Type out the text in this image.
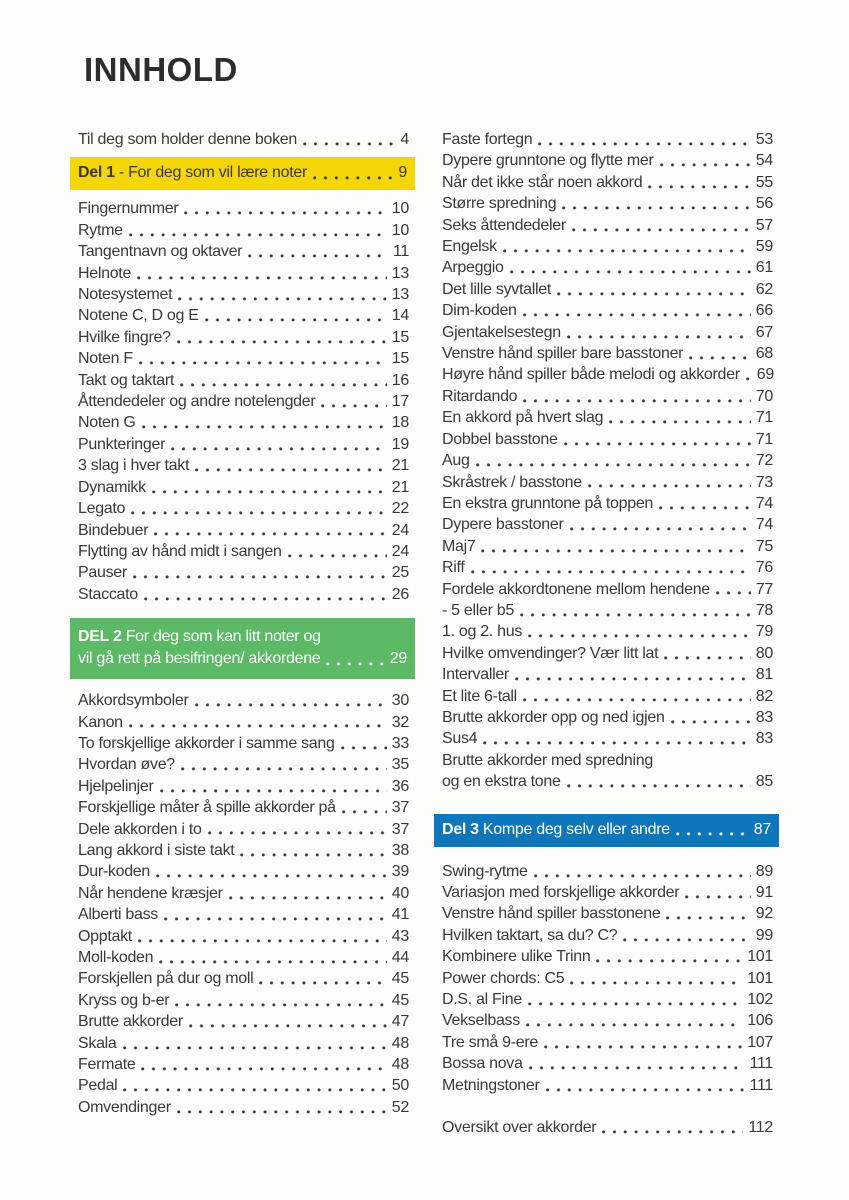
INNHOLD
Til deg som holder denne boken	4
Del 1 - For deg som vil lære noter	9
Fingernummer	10
Rytme	10
Tangentnavn og oktaver	11
Helnote	13
Notesystemet	13
Notene C, D og E	14
Hvilke fingre?	15
Noten F	15
Takt og taktart	16
Åttendedeler og andre notelengder	17
Noten G	18
Punkteringer	19
3 slag i hver takt	21
Dynamikk	21
Legato	22
Bindebuer	24
Flytting av hånd midt i sangen	24
Pauser	25
Staccato	26
DEL 2 For deg som kan litt noter og
vil gå rett på besifringen/ akkordene	29
Akkordsymboler	30
Kanon	32
To forskjellige akkorder i samme sang	33
Hvordan øve?	35
Hjelpelinjer	36
Forskjellige måter å spille akkorder på	37
Dele akkorden i to	37
Lang akkord i siste takt	38
Dur-koden	39
Når hendene kræsjer	40
Alberti bass	41
Opptakt	43
Moll-koden	44
Forskjellen på dur og moll	45
Kryss og b-er	45
Brutte akkorder	47
Skala	48
Fermate	48
Pedal	50
Omvendinger	52
Faste fortegn	53
Dypere grunntone og flytte mer	54
Når det ikke står noen akkord	55
Større spredning	56
Seks åttendedeler	57
Engelsk	59
Arpeggio	61
Det lille syvtallet	62
Dim-koden	66
Gjentakelsestegn	67
Venstre hånd spiller bare basstoner	68
Høyre hånd spiller både melodi og akkorder 69
Ritardando	70
En akkord på hvert slag	71
Dobbel basstone	71
Aug	72
Skråstrek / basstone	73
En ekstra grunntone på toppen	74
Dypere basstoner	74
Maj7	75
Riff	76
Fordele akkordtonene mellom hendene	77
- 5 eller b5	78
1. og 2. hus	79
Hvilke omvendinger? Vær litt lat	80
Intervaller	81
Et lite 6-tall	82
Brutte akkorder opp og ned igjen	83
Sus4	83
Brutte akkorder med spredning
og en ekstra tone	85
Del 3 Kompe deg selv eller andre	87
Swing-rytme	89
Variasjon med forskjellige akkorder	91
Venstre hånd spiller basstonene	92
Hvilken taktart, sa du? C?	99
Kombinere ulike Trinn	101
Power chords: C5	101
D.S. al Fine	102
Vekselbass	106
Tre små 9-ere	107
Bossa nova	111
Metningstoner	111
Oversikt over akkorder	112
